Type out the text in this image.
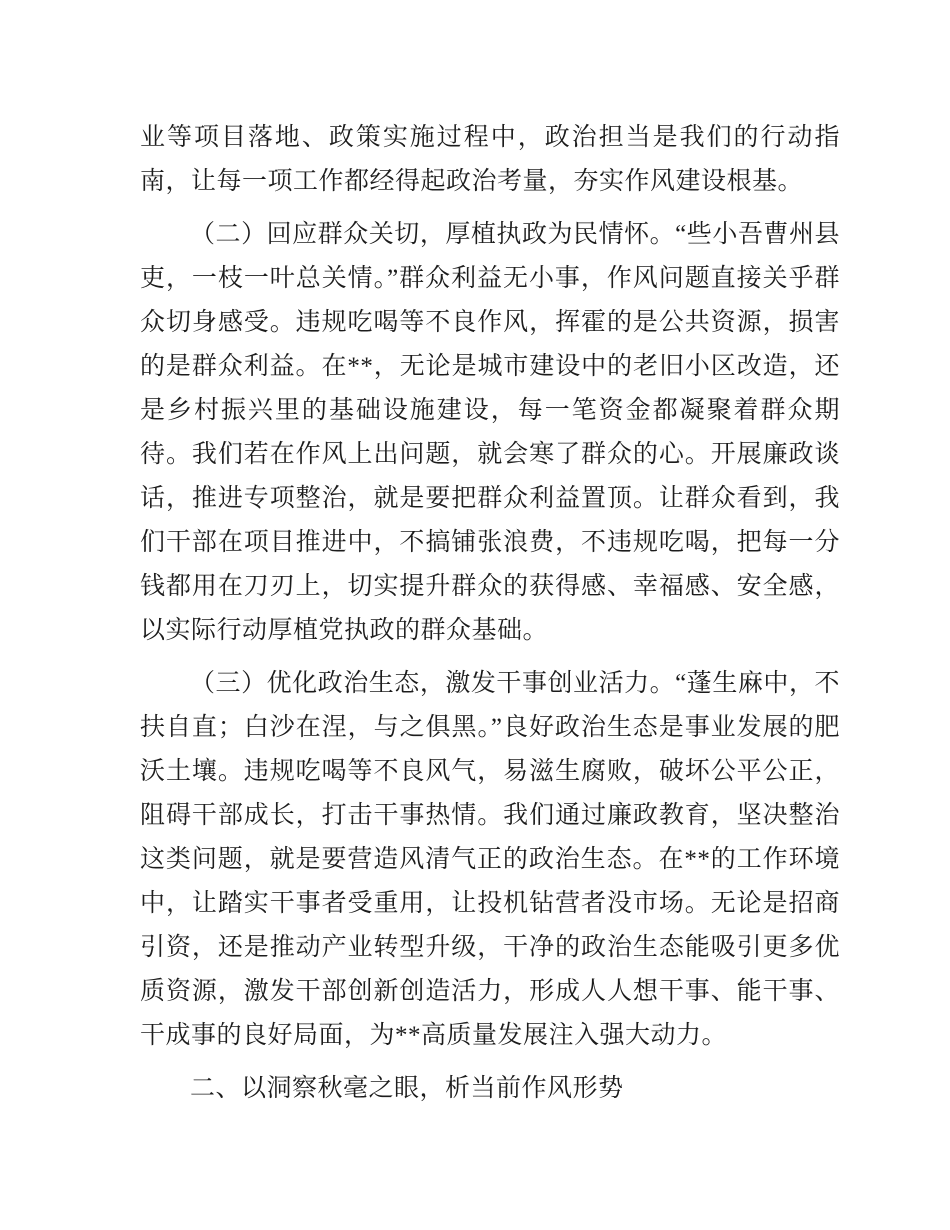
业等项目落地、政策实施过程中，政治担当是我们的行动指南，让每一项工作都经得起政治考量，夯实作风建设根基。

（二）回应群众关切，厚植执政为民情怀。“些小吾曹州县吏，一枝一叶总关情。”群众利益无小事，作风问题直接关乎群众切身感受。违规吃喝等不良作风，挥霍的是公共资源，损害的是群众利益。在**，无论是城市建设中的老旧小区改造，还是乡村振兴里的基础设施建设，每一笔资金都凝聚着群众期待。我们若在作风上出问题，就会寒了群众的心。开展廉政谈话，推进专项整治，就是要把群众利益置顶。让群众看到，我们干部在项目推进中，不搞铺张浪费，不违规吃喝，把每一分钱都用在刀刃上，切实提升群众的获得感、幸福感、安全感，以实际行动厚植党执政的群众基础。

（三）优化政治生态，激发干事创业活力。“蓬生麻中，不扶自直；白沙在涅，与之俱黑。”良好政治生态是事业发展的肥沃土壤。违规吃喝等不良风气，易滋生腐败，破坏公平公正，阻碍干部成长，打击干事热情。我们通过廉政教育，坚决整治这类问题，就是要营造风清气正的政治生态。在**的工作环境中，让踏实干事者受重用，让投机钻营者没市场。无论是招商引资，还是推动产业转型升级，干净的政治生态能吸引更多优质资源，激发干部创新创造活力，形成人人想干事、能干事、干成事的良好局面，为**高质量发展注入强大动力。

二、以洞察秋毫之眼，析当前作风形势
